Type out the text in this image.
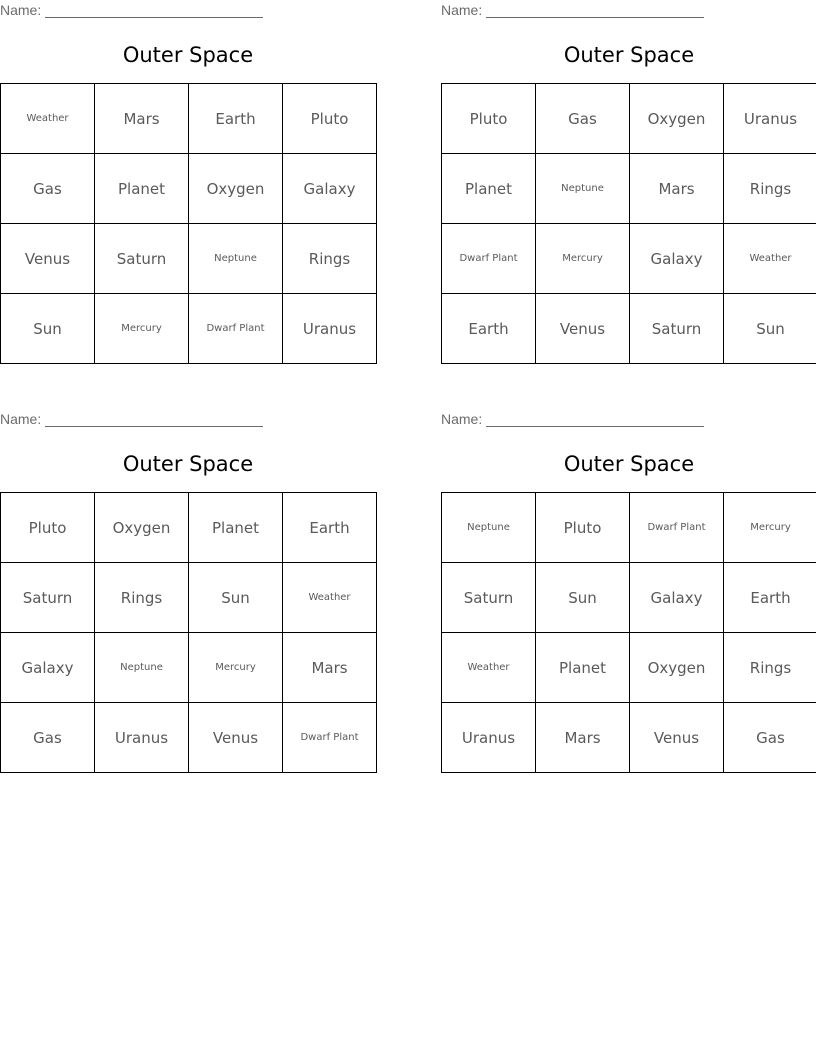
Name:
Outer Space
Weather	Mars	Earth	Pluto
Gas	Planet	Oxygen	Galaxy
Venus	Saturn	Neptune	Rings
Sun	Mercury	Dwarf Plant	Uranus
Name:
Outer Space
Pluto	Gas	Oxygen	Uranus
Planet	Neptune	Mars	Rings
Dwarf Plant	Mercury	Galaxy	Weather
Earth	Venus	Saturn	Sun
Name:
Outer Space
Pluto	Oxygen	Planet	Earth
Saturn	Rings	Sun	Weather
Galaxy	Neptune	Mercury	Mars
Gas	Uranus	Venus	Dwarf Plant
Name:
Outer Space
Neptune	Pluto	Dwarf Plant	Mercury
Saturn	Sun	Galaxy	Earth
Weather	Planet	Oxygen	Rings
Uranus	Mars	Venus	Gas
